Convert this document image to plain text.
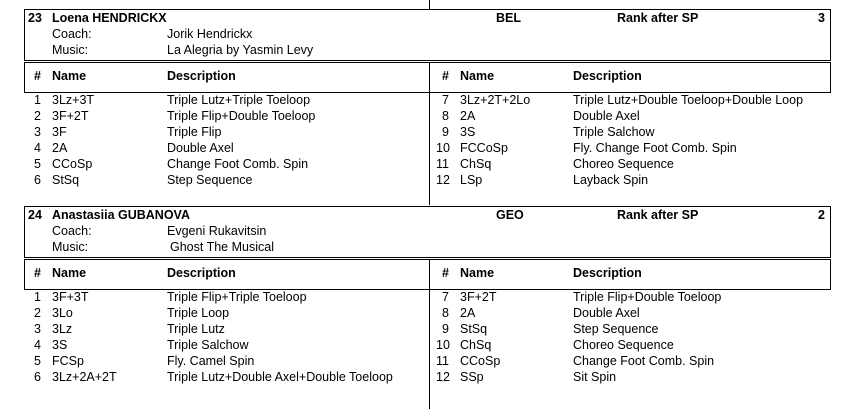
23 Loena HENDRICKX	BEL	Rank after SP	3
Coach:	Jorik Hendrickx
Music:	La Alegria by Yasmin Levy
# Name	Description	# Name	Description
1 3Lz+3T	Triple Lutz+Triple Toeloop	7 3Lz+2T+2Lo	Triple Lutz+Double Toeloop+Double Loop
2 3F+2T	Triple Flip+Double Toeloop	8 2A	Double Axel
3 3F	Triple Flip	9 3S	Triple Salchow
4 2A	Double Axel	10 FCCoSp	Fly. Change Foot Comb. Spin
5 CCoSp	Change Foot Comb. Spin	11 ChSq	Choreo Sequence
6 StSq	Step Sequence	12 LSp	Layback Spin
24 Anastasiia GUBANOVA	GEO	Rank after SP	2
Coach:	Evgeni Rukavitsin
Music:	Ghost The Musical
# Name	Description	# Name	Description
1 3F+3T	Triple Flip+Triple Toeloop	7 3F+2T	Triple Flip+Double Toeloop
2 3Lo	Triple Loop	8 2A	Double Axel
3 3Lz	Triple Lutz	9 StSq	Step Sequence
4 3S	Triple Salchow	10 ChSq	Choreo Sequence
5 FCSp	Fly. Camel Spin	11 CCoSp	Change Foot Comb. Spin
6 3Lz+2A+2T	Triple Lutz+Double Axel+Double Toeloop	12 SSp	Sit Spin
